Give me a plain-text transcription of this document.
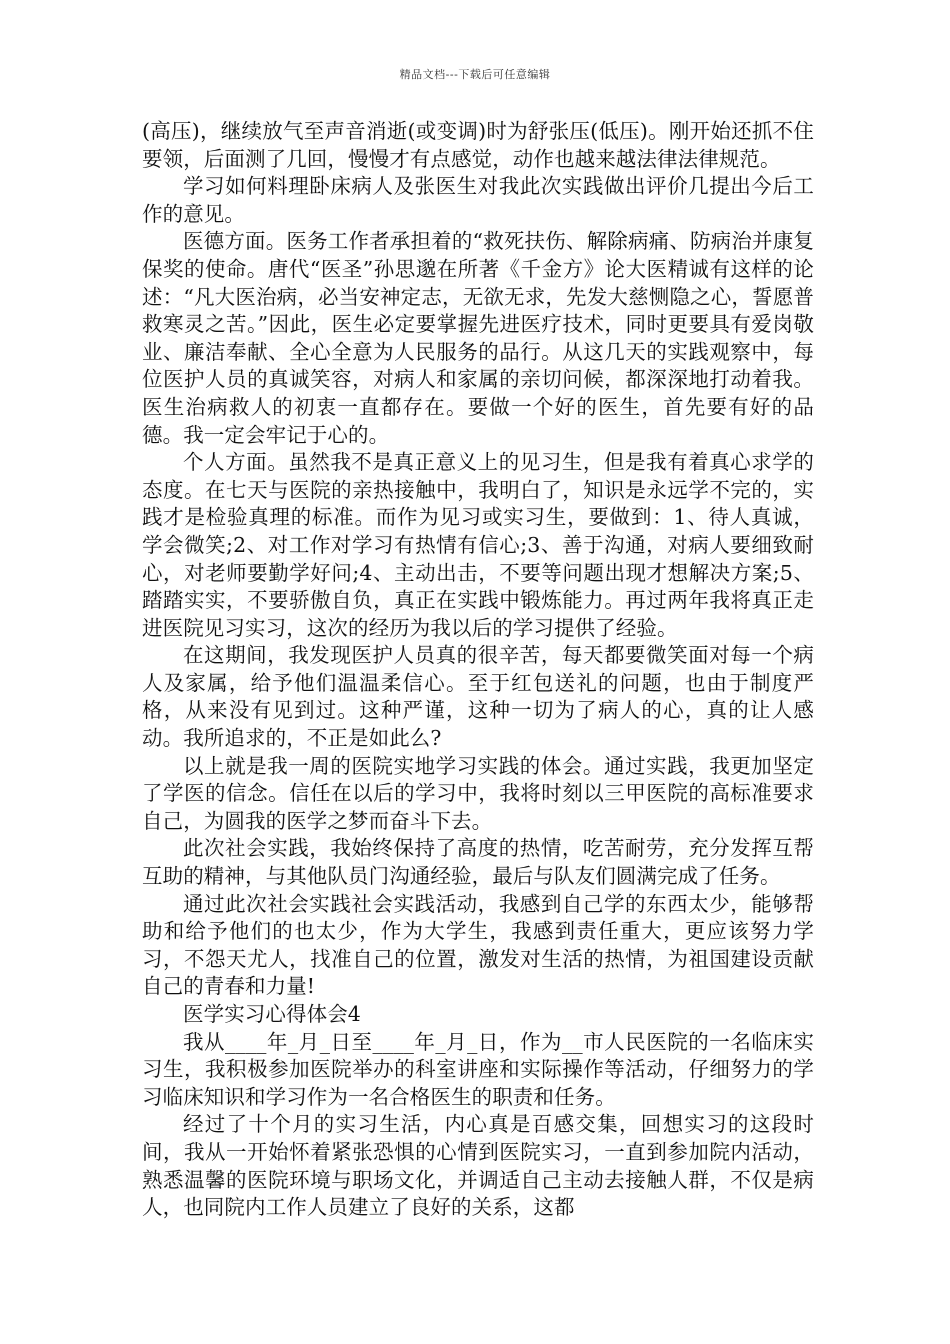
精品文档---下载后可任意编辑

(高压)，继续放气至声音消逝(或变调)时为舒张压(低压)。刚开始还抓不住要领，后面测了几回，慢慢才有点感觉，动作也越来越法律法律规范。

学习如何料理卧床病人及张医生对我此次实践做出评价几提出今后工作的意见。

医德方面。医务工作者承担着的“救死扶伤、解除病痛、防病治并康复保奖的使命。唐代“医圣”孙思邈在所著《千金方》论大医精诚有这样的论述：“凡大医治病，必当安神定志，无欲无求，先发大慈恻隐之心，誓愿普救寒灵之苦。”因此，医生必定要掌握先进医疗技术，同时更要具有爱岗敬业、廉洁奉献、全心全意为人民服务的品行。从这几天的实践观察中，每位医护人员的真诚笑容，对病人和家属的亲切问候，都深深地打动着我。医生治病救人的初衷一直都存在。要做一个好的医生，首先要有好的品德。我一定会牢记于心的。

个人方面。虽然我不是真正意义上的见习生，但是我有着真心求学的态度。在七天与医院的亲热接触中，我明白了，知识是永远学不完的，实践才是检验真理的标准。而作为见习或实习生，要做到：1、待人真诚，学会微笑;2、对工作对学习有热情有信心;3、善于沟通，对病人要细致耐心，对老师要勤学好问;4、主动出击，不要等问题出现才想解决方案;5、踏踏实实，不要骄傲自负，真正在实践中锻炼能力。再过两年我将真正走进医院见习实习，这次的经历为我以后的学习提供了经验。

在这期间，我发现医护人员真的很辛苦，每天都要微笑面对每一个病人及家属，给予他们温温柔信心。至于红包送礼的问题，也由于制度严格，从来没有见到过。这种严谨，这种一切为了病人的心，真的让人感动。我所追求的，不正是如此么?

以上就是我一周的医院实地学习实践的体会。通过实践，我更加坚定了学医的信念。信任在以后的学习中，我将时刻以三甲医院的高标准要求自己，为圆我的医学之梦而奋斗下去。

此次社会实践，我始终保持了高度的热情，吃苦耐劳，充分发挥互帮互助的精神，与其他队员门沟通经验，最后与队友们圆满完成了任务。

通过此次社会实践社会实践活动，我感到自己学的东西太少，能够帮助和给予他们的也太少，作为大学生，我感到责任重大，更应该努力学习，不怨天尤人，找准自己的位置，激发对生活的热情，为祖国建设贡献自己的青春和力量!

医学实习心得体会4

我从____年_月_日至____年_月_日，作为__市人民医院的一名临床实习生，我积极参加医院举办的科室讲座和实际操作等活动，仔细努力的学习临床知识和学习作为一名合格医生的职责和任务。

经过了十个月的实习生活，内心真是百感交集，回想实习的这段时间，我从一开始怀着紧张恐惧的心情到医院实习，一直到参加院内活动，熟悉温馨的医院环境与职场文化，并调适自己主动去接触人群，不仅是病人，也同院内工作人员建立了良好的关系，这都
